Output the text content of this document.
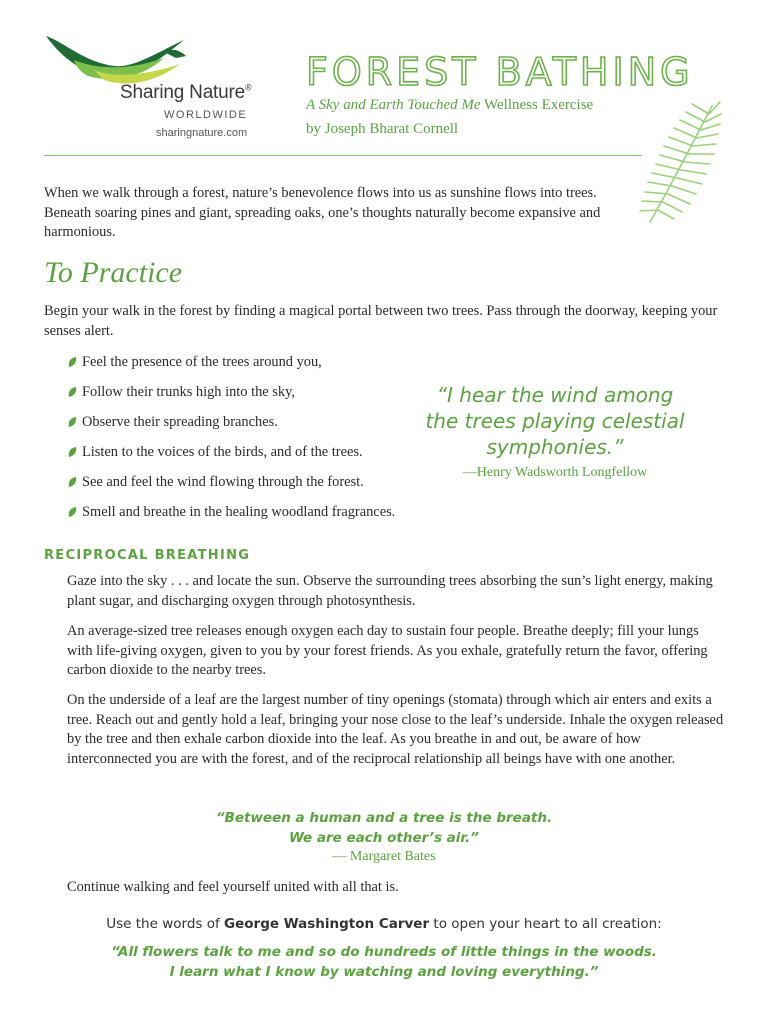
Sharing Nature®
WORLDWIDE
sharingnature.com
FOREST BATHING
A Sky and Earth Touched Me Wellness Exercise
by Joseph Bharat Cornell
When we walk through a forest, nature’s benevolence flows into us as sunshine flows into trees. Beneath soaring pines and giant, spreading oaks, one’s thoughts naturally become expansive and harmonious.
To Practice
Begin your walk in the forest by finding a magical portal between two trees. Pass through the doorway, keeping your senses alert.
Feel the presence of the trees around you,
Follow their trunks high into the sky,
Observe their spreading branches.
Listen to the voices of the birds, and of the trees.
See and feel the wind flowing through the forest.
Smell and breathe in the healing woodland fragrances.
“I hear the wind among
the trees playing celestial
symphonies.”
—Henry Wadsworth Longfellow
RECIPROCAL BREATHING
Gaze into the sky . . . and locate the sun. Observe the surrounding trees absorbing the sun’s light energy, making plant sugar, and discharging oxygen through photosynthesis.
An average-sized tree releases enough oxygen each day to sustain four people. Breathe deeply; fill your lungs with life-giving oxygen, given to you by your forest friends. As you exhale, gratefully return the favor, offering carbon dioxide to the nearby trees.
On the underside of a leaf are the largest number of tiny openings (stomata) through which air enters and exits a tree. Reach out and gently hold a leaf, bringing your nose close to the leaf’s underside. Inhale the oxygen released by the tree and then exhale carbon dioxide into the leaf. As you breathe in and out, be aware of how interconnected you are with the forest, and of the reciprocal relationship all beings have with one another.
“Between a human and a tree is the breath.
We are each other’s air.”
— Margaret Bates
Continue walking and feel yourself united with all that is.
Use the words of George Washington Carver to open your heart to all creation:
“All flowers talk to me and so do hundreds of little things in the woods.
I learn what I know by watching and loving everything.”
